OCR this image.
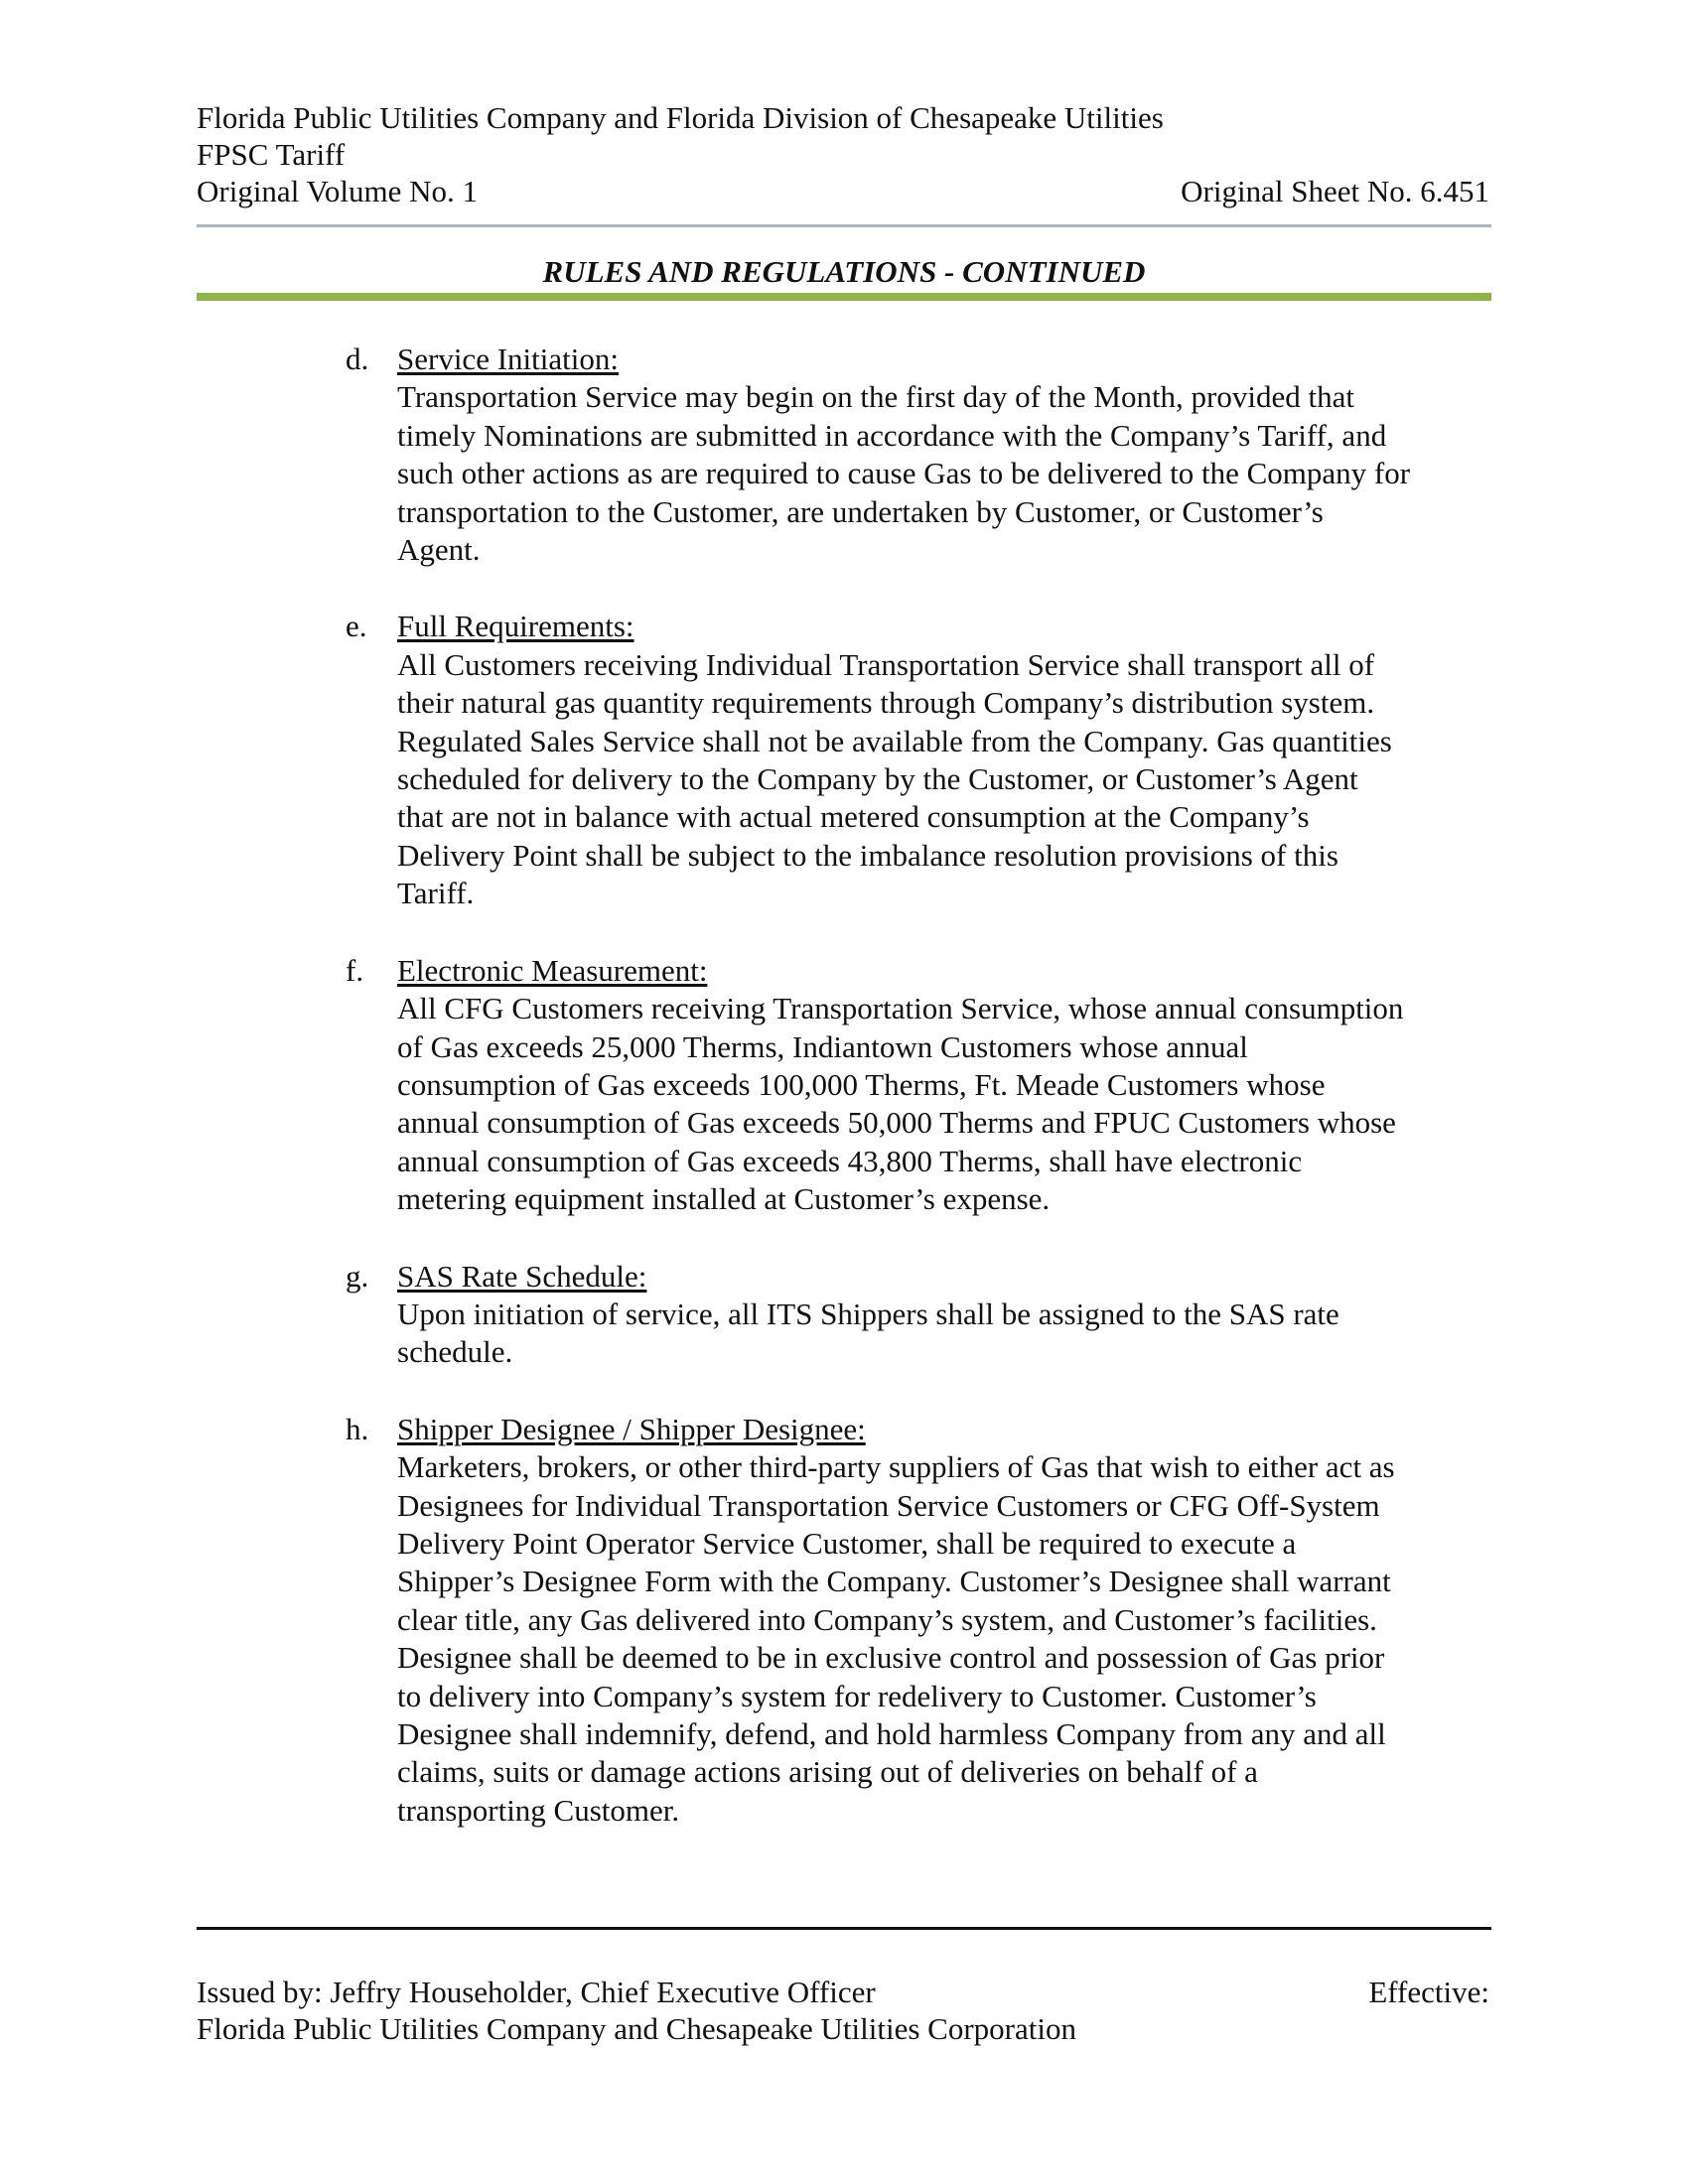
Florida Public Utilities Company and Florida Division of Chesapeake Utilities
FPSC Tariff
Original Volume No. 1	Original Sheet No. 6.451
RULES AND REGULATIONS - CONTINUED
d. Service Initiation:
Transportation Service may begin on the first day of the Month, provided that
timely Nominations are submitted in accordance with the Company’s Tariff, and
such other actions as are required to cause Gas to be delivered to the Company for
transportation to the Customer, are undertaken by Customer, or Customer’s
Agent.
e. Full Requirements:
All Customers receiving Individual Transportation Service shall transport all of
their natural gas quantity requirements through Company’s distribution system.
Regulated Sales Service shall not be available from the Company. Gas quantities
scheduled for delivery to the Company by the Customer, or Customer’s Agent
that are not in balance with actual metered consumption at the Company’s
Delivery Point shall be subject to the imbalance resolution provisions of this
Tariff.
f.	Electronic Measurement:
All CFG Customers receiving Transportation Service, whose annual consumption
of Gas exceeds 25,000 Therms, Indiantown Customers whose annual
consumption of Gas exceeds 100,000 Therms, Ft. Meade Customers whose
annual consumption of Gas exceeds 50,000 Therms and FPUC Customers whose
annual consumption of Gas exceeds 43,800 Therms, shall have electronic
metering equipment installed at Customer’s expense.
g. SAS Rate Schedule:
Upon initiation of service, all ITS Shippers shall be assigned to the SAS rate
schedule.
h. Shipper Designee / Shipper Designee:
Marketers, brokers, or other third-party suppliers of Gas that wish to either act as
Designees for Individual Transportation Service Customers or CFG Off-System
Delivery Point Operator Service Customer, shall be required to execute a
Shipper’s Designee Form with the Company. Customer’s Designee shall warrant
clear title, any Gas delivered into Company’s system, and Customer’s facilities.
Designee shall be deemed to be in exclusive control and possession of Gas prior
to delivery into Company’s system for redelivery to Customer. Customer’s
Designee shall indemnify, defend, and hold harmless Company from any and all
claims, suits or damage actions arising out of deliveries on behalf of a
transporting Customer.
Issued by: Jeffry Householder, Chief Executive Officer	Effective:
Florida Public Utilities Company and Chesapeake Utilities Corporation
